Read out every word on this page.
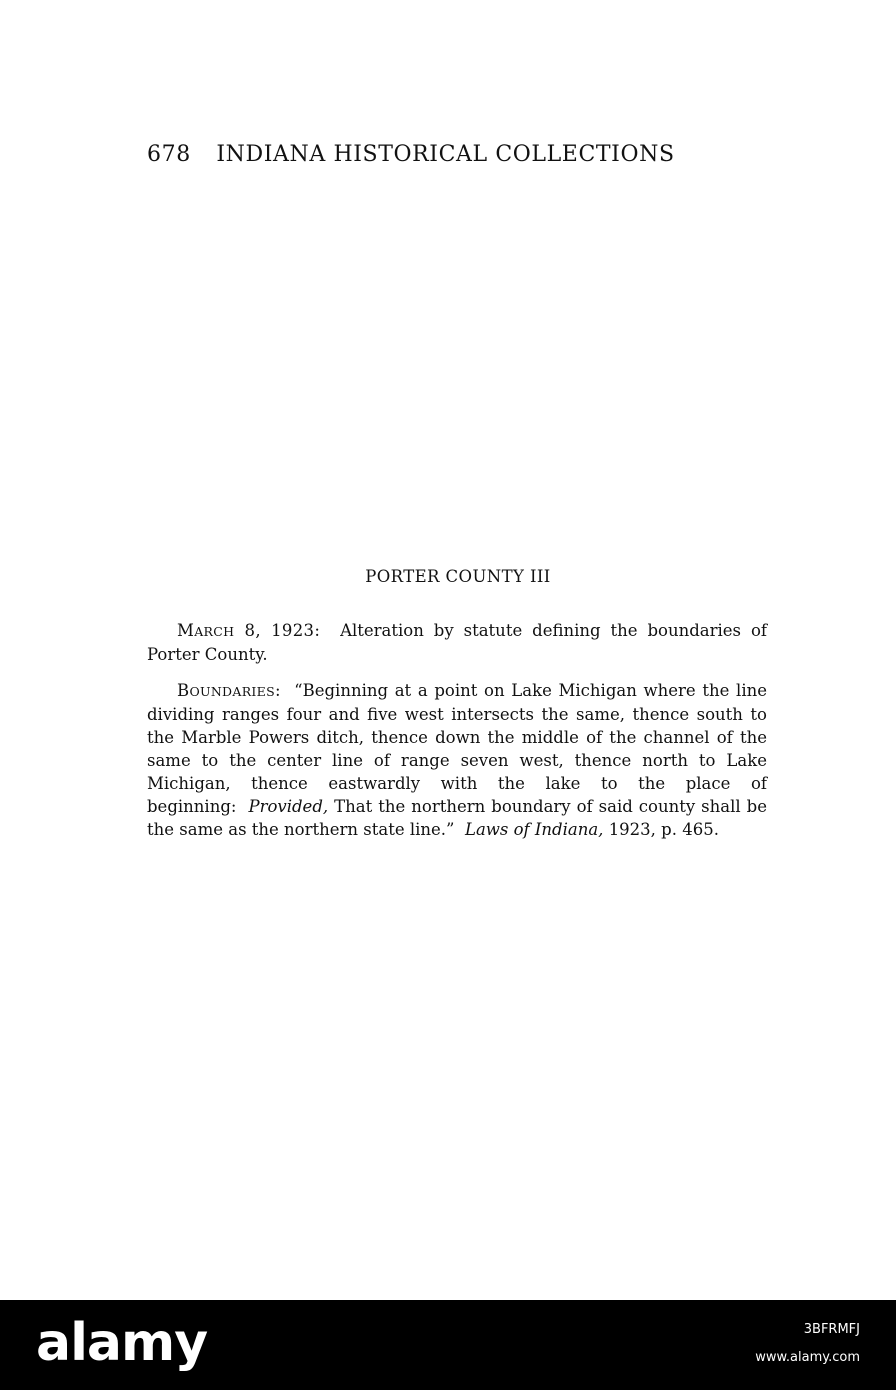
678 INDIANA HISTORICAL COLLECTIONS
PORTER COUNTY III

MARCH 8, 1923: Alteration by statute defining the boundaries of Porter County.

BOUNDARIES: “Beginning at a point on Lake Michigan where the line dividing ranges four and five west intersects the same, thence south to the Marble Powers ditch, thence down the middle of the channel of the same to the center line of range seven west, thence north to Lake Michigan, thence eastwardly with the lake to the place of beginning: Provided, That the northern boundary of said county shall be the same as the northern state line.” Laws of Indiana, 1923, p. 465.

alamy	3BFRMFJ
www.alamy.com
